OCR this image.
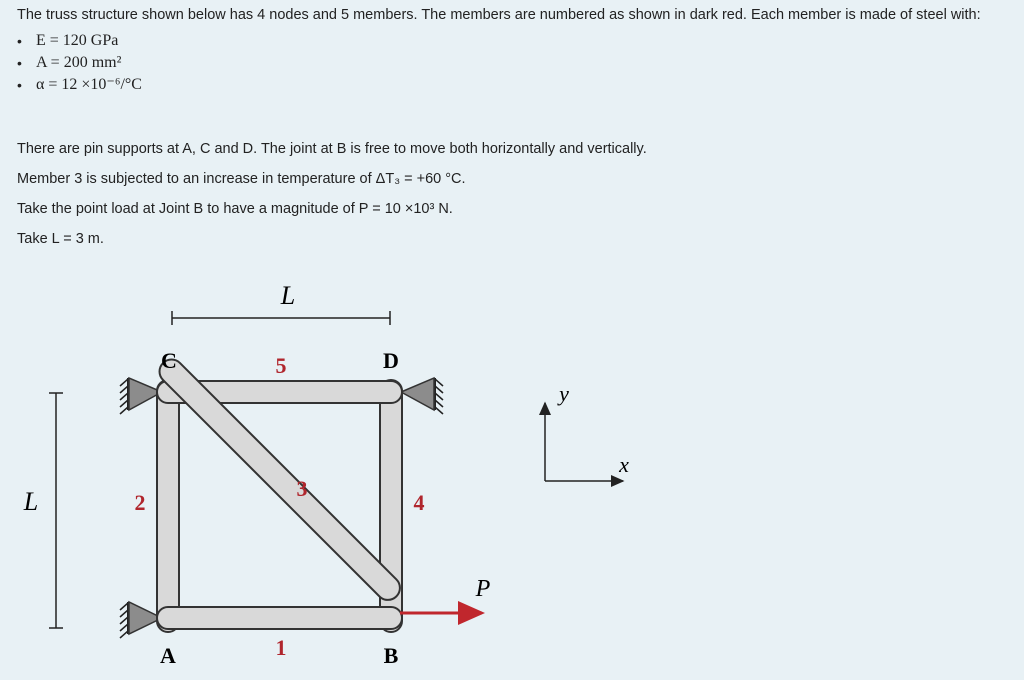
The truss structure shown below has 4 nodes and 5 members. The members are numbered as shown in dark red. Each member is made of steel with:

• E = 120 GPa
• A = 200 mm²
• α = 12 ×10⁻⁶/°C

There are pin supports at A, C and D. The joint at B is free to move both horizontally and vertically.

Member 3 is subjected to an increase in temperature of ΔT₃ = +60 °C.

Take the point load at Joint B to have a magnitude of P = 10 ×10³ N.

Take L = 3 m.

L
L
C	D
A	B
5
2
3
4
1
P
x
y
